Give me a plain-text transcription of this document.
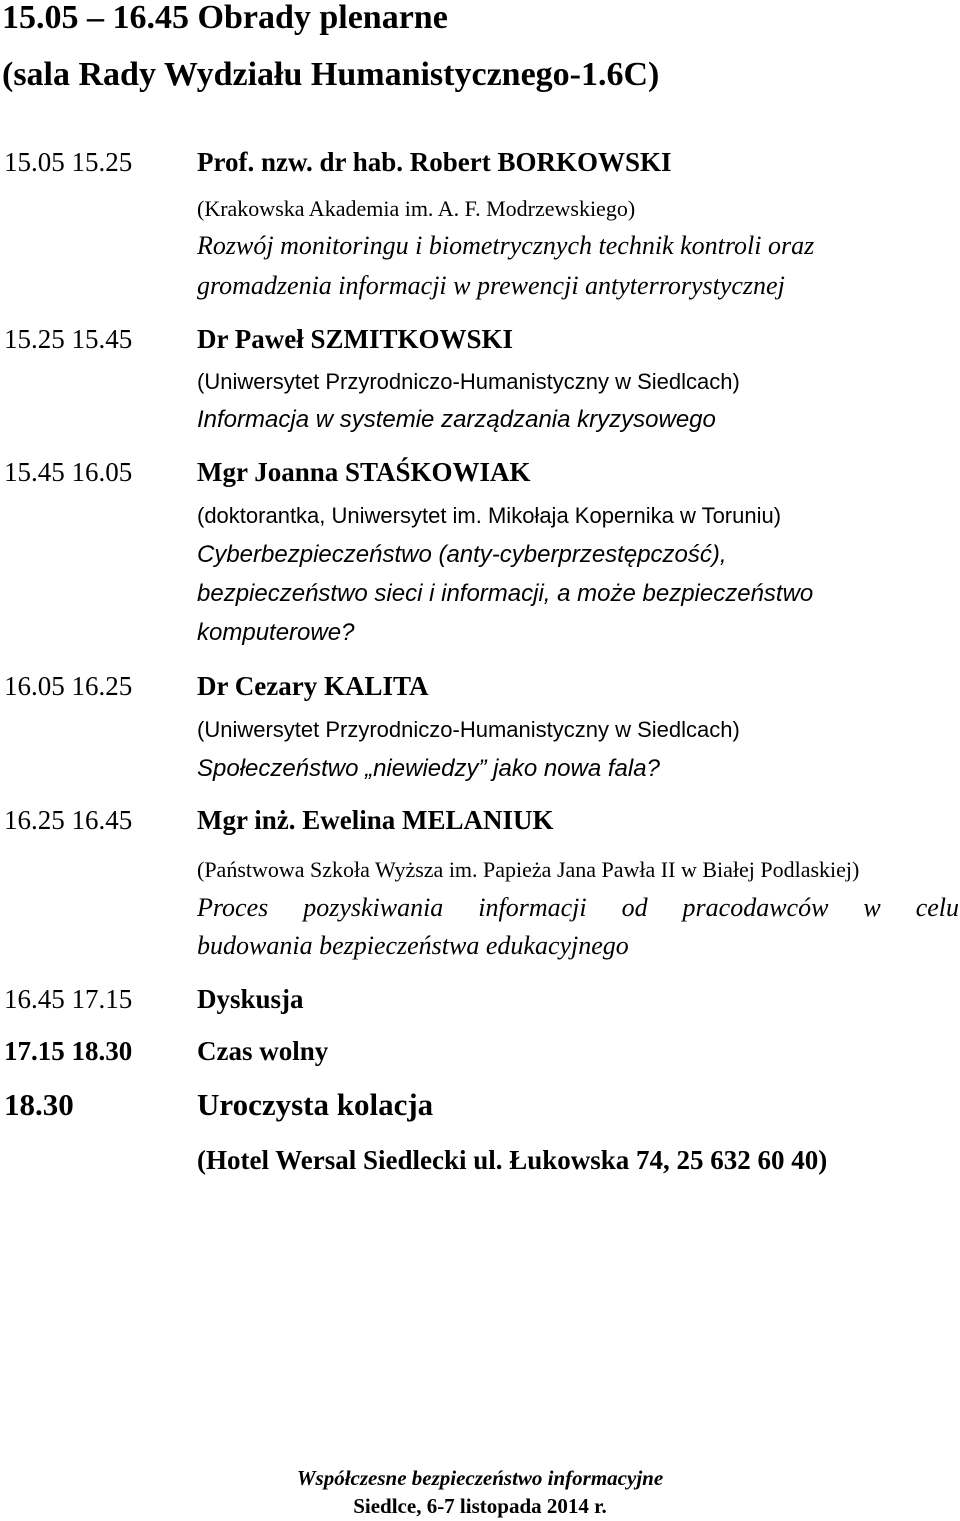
15.05 – 16.45 Obrady plenarne
(sala Rady Wydziału Humanistycznego-1.6C)
15.05 15.25 Prof. nzw. dr hab. Robert BORKOWSKI
(Krakowska Akademia im. A. F. Modrzewskiego)
Rozwój monitoringu i biometrycznych technik kontroli oraz
gromadzenia informacji w prewencji antyterrorystycznej
15.25 15.45 Dr Paweł SZMITKOWSKI
(Uniwersytet Przyrodniczo-Humanistyczny w Siedlcach)
Informacja w systemie zarządzania kryzysowego
15.45 16.05 Mgr Joanna STAŚKOWIAK
(doktorantka, Uniwersytet im. Mikołaja Kopernika w Toruniu)
Cyberbezpieczeństwo (anty-cyberprzestępczość),
bezpieczeństwo sieci i informacji, a może bezpieczeństwo
komputerowe?
16.05 16.25 Dr Cezary KALITA
(Uniwersytet Przyrodniczo-Humanistyczny w Siedlcach)
Społeczeństwo „niewiedzy” jako nowa fala?
16.25 16.45 Mgr inż. Ewelina MELANIUK
(Państwowa Szkoła Wyższa im. Papieża Jana Pawła II w Białej Podlaskiej)
Proces pozyskiwania informacji od pracodawców w celu
budowania bezpieczeństwa edukacyjnego
16.45 17.15 Dyskusja
17.15 18.30 Czas wolny
18.30	Uroczysta kolacja
(Hotel Wersal Siedlecki ul. Łukowska 74, 25 632 60 40)
Współczesne bezpieczeństwo informacyjne
Siedlce, 6-7 listopada 2014 r.
